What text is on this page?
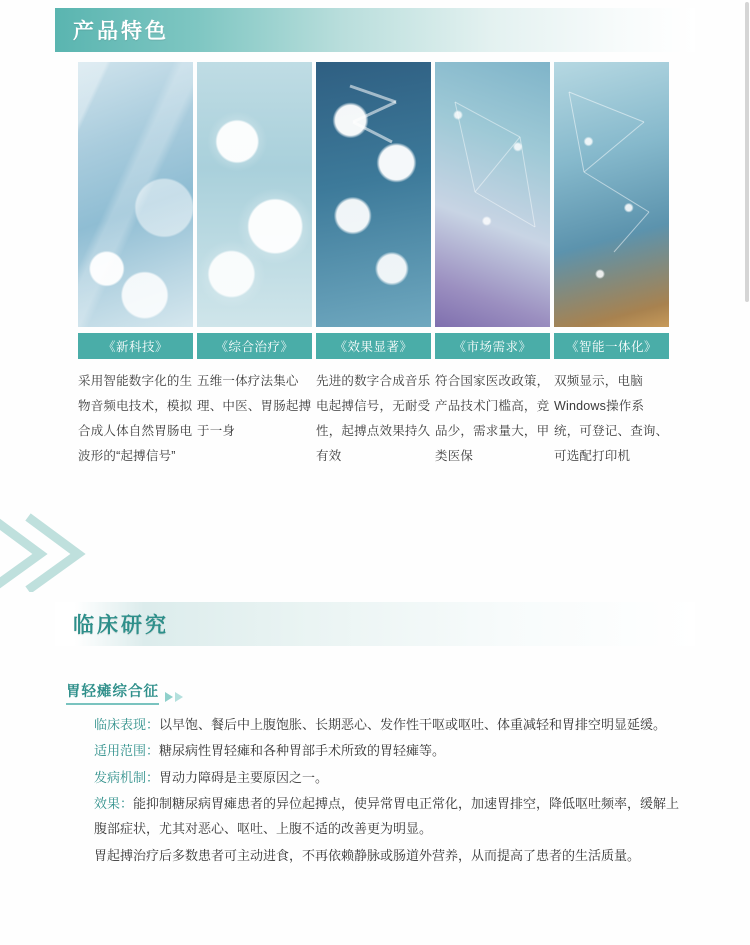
产品特色
《新科技》
采用智能数字化的生物音频电技术，模拟合成人体自然胃肠电波形的“起搏信号”
《综合治疗》
五维一体疗法集心理、中医、胃肠起搏于一身
《效果显著》
先进的数字合成音乐电起搏信号，无耐受性，起搏点效果持久有效
《市场需求》
符合国家医改政策，产品技术门槛高，竞品少，需求量大，甲类医保
《智能一体化》
双频显示，电脑Windows操作系统，可登记、查询、可选配打印机
临床研究
胃轻瘫综合征
临床表现：以早饱、餐后中上腹饱胀、长期恶心、发作性干呕或呕吐、体重减轻和胃排空明显延缓。
适用范围：糖尿病性胃轻瘫和各种胃部手术所致的胃轻瘫等。
发病机制：胃动力障碍是主要原因之一。
效果：能抑制糖尿病胃瘫患者的异位起搏点，使异常胃电正常化，加速胃排空，降低呕吐频率，缓解上腹部症状，尤其对恶心、呕吐、上腹不适的改善更为明显。
胃起搏治疗后多数患者可主动进食，不再依赖静脉或肠道外营养，从而提高了患者的生活质量。
